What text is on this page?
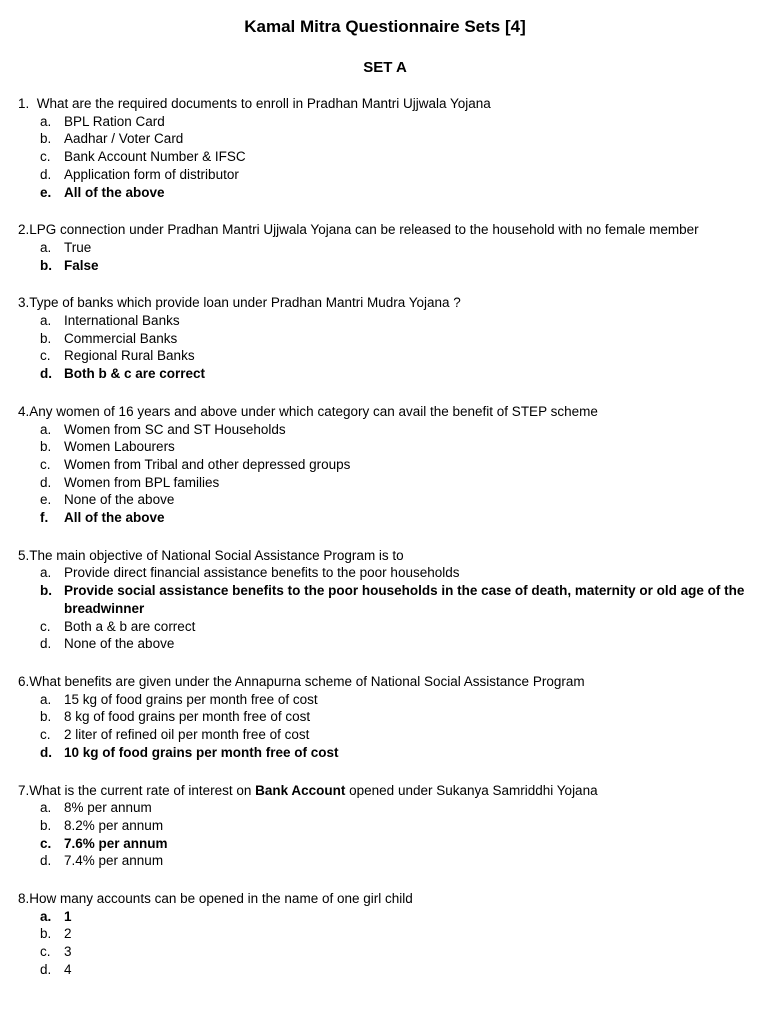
Kamal Mitra Questionnaire Sets [4]
SET A
1.
What are the required documents to enroll in Pradhan Mantri Ujjwala Yojana
a. BPL Ration Card
b. Aadhar / Voter Card
c. Bank Account Number & IFSC
d. Application form of distributor
e. All of the above
2. LPG connection under Pradhan Mantri Ujjwala Yojana can be released to the household with no female member
a. True
b. False
3. Type of banks which provide loan under Pradhan Mantri Mudra Yojana ?
a. International Banks
b. Commercial Banks
c. Regional Rural Banks
d. Both b & c are correct
4. Any women of 16 years and above under which category can avail the benefit of STEP scheme
a. Women from SC and ST Households
b. Women Labourers
c. Women from Tribal and other depressed groups
d. Women from BPL families
e. None of the above
f.	All of the above
5. The main objective of National Social Assistance Program is to
a. Provide direct financial assistance benefits to the poor households
b. Provide social assistance benefits to the poor households in the case of death, maternity or old age of the breadwinner
c. Both a & b are correct
d. None of the above
6. What benefits are given under the Annapurna scheme of National Social Assistance Program
a. 15 kg of food grains per month free of cost
b. 8 kg of food grains per month free of cost
c. 2 liter of refined oil per month free of cost
d. 10 kg of food grains per month free of cost
7. What is the current rate of interest on Bank Account opened under Sukanya Samriddhi Yojana
a. 8% per annum
b. 8.2% per annum
c. 7.6% per annum
d. 7.4% per annum
8. How many accounts can be opened in the name of one girl child
a. 1
b. 2
c. 3
d. 4
